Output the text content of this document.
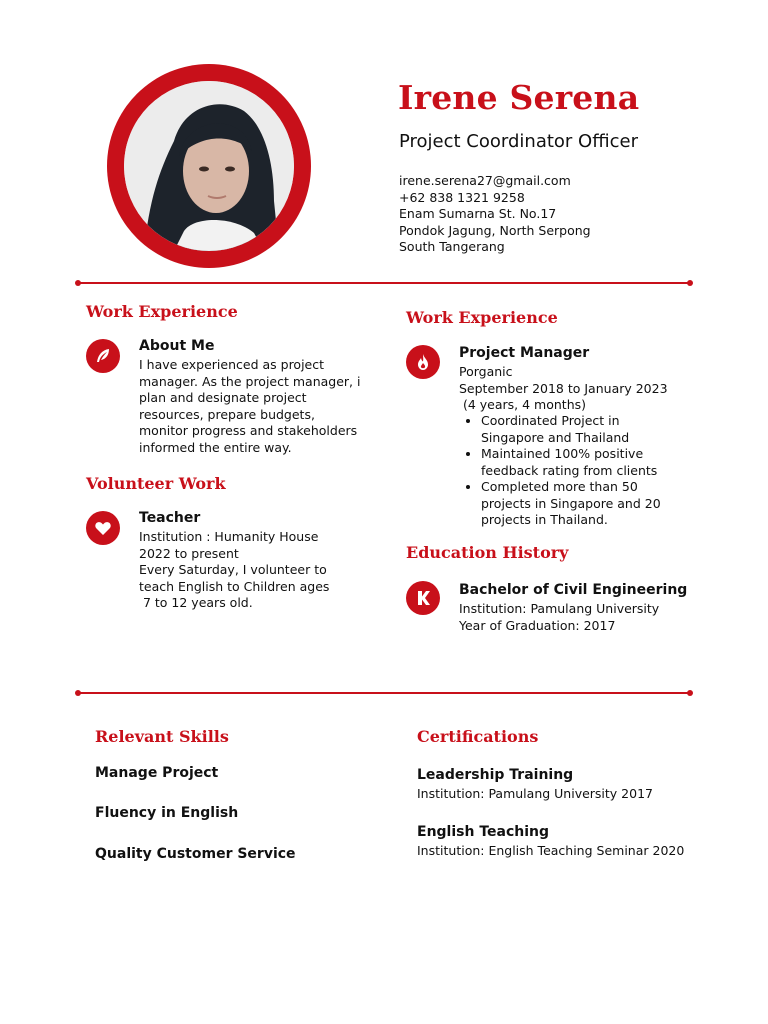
Irene Serena
Project Coordinator Officer
irene.serena27@gmail.com
+62 838 1321 9258
Enam Sumarna St. No.17
Pondok Jagung, North Serpong
South Tangerang
Work Experience
About Me
I have experienced as project
manager. As the project manager, i
plan and designate project
resources, prepare budgets,
monitor progress and stakeholders
informed the entire way.
Volunteer Work
Teacher
Institution : Humanity House
2022 to present
Every Saturday, I volunteer to
teach English to Children ages
7 to 12 years old.
Work Experience
Project Manager
Porganic
September 2018 to January 2023
(4 years, 4 months)
• Coordinated Project in
Singapore and Thailand
• Maintained 100% positive
feedback rating from clients
• Completed more than 50
projects in Singapore and 20
projects in Thailand.
Education History
Bachelor of Civil Engineering
Institution: Pamulang University
Year of Graduation: 2017
Relevant Skills
Manage Project
Fluency in English
Quality Customer Service
Certifications
Leadership Training
Institution: Pamulang University 2017
English Teaching
Institution: English Teaching Seminar 2020
